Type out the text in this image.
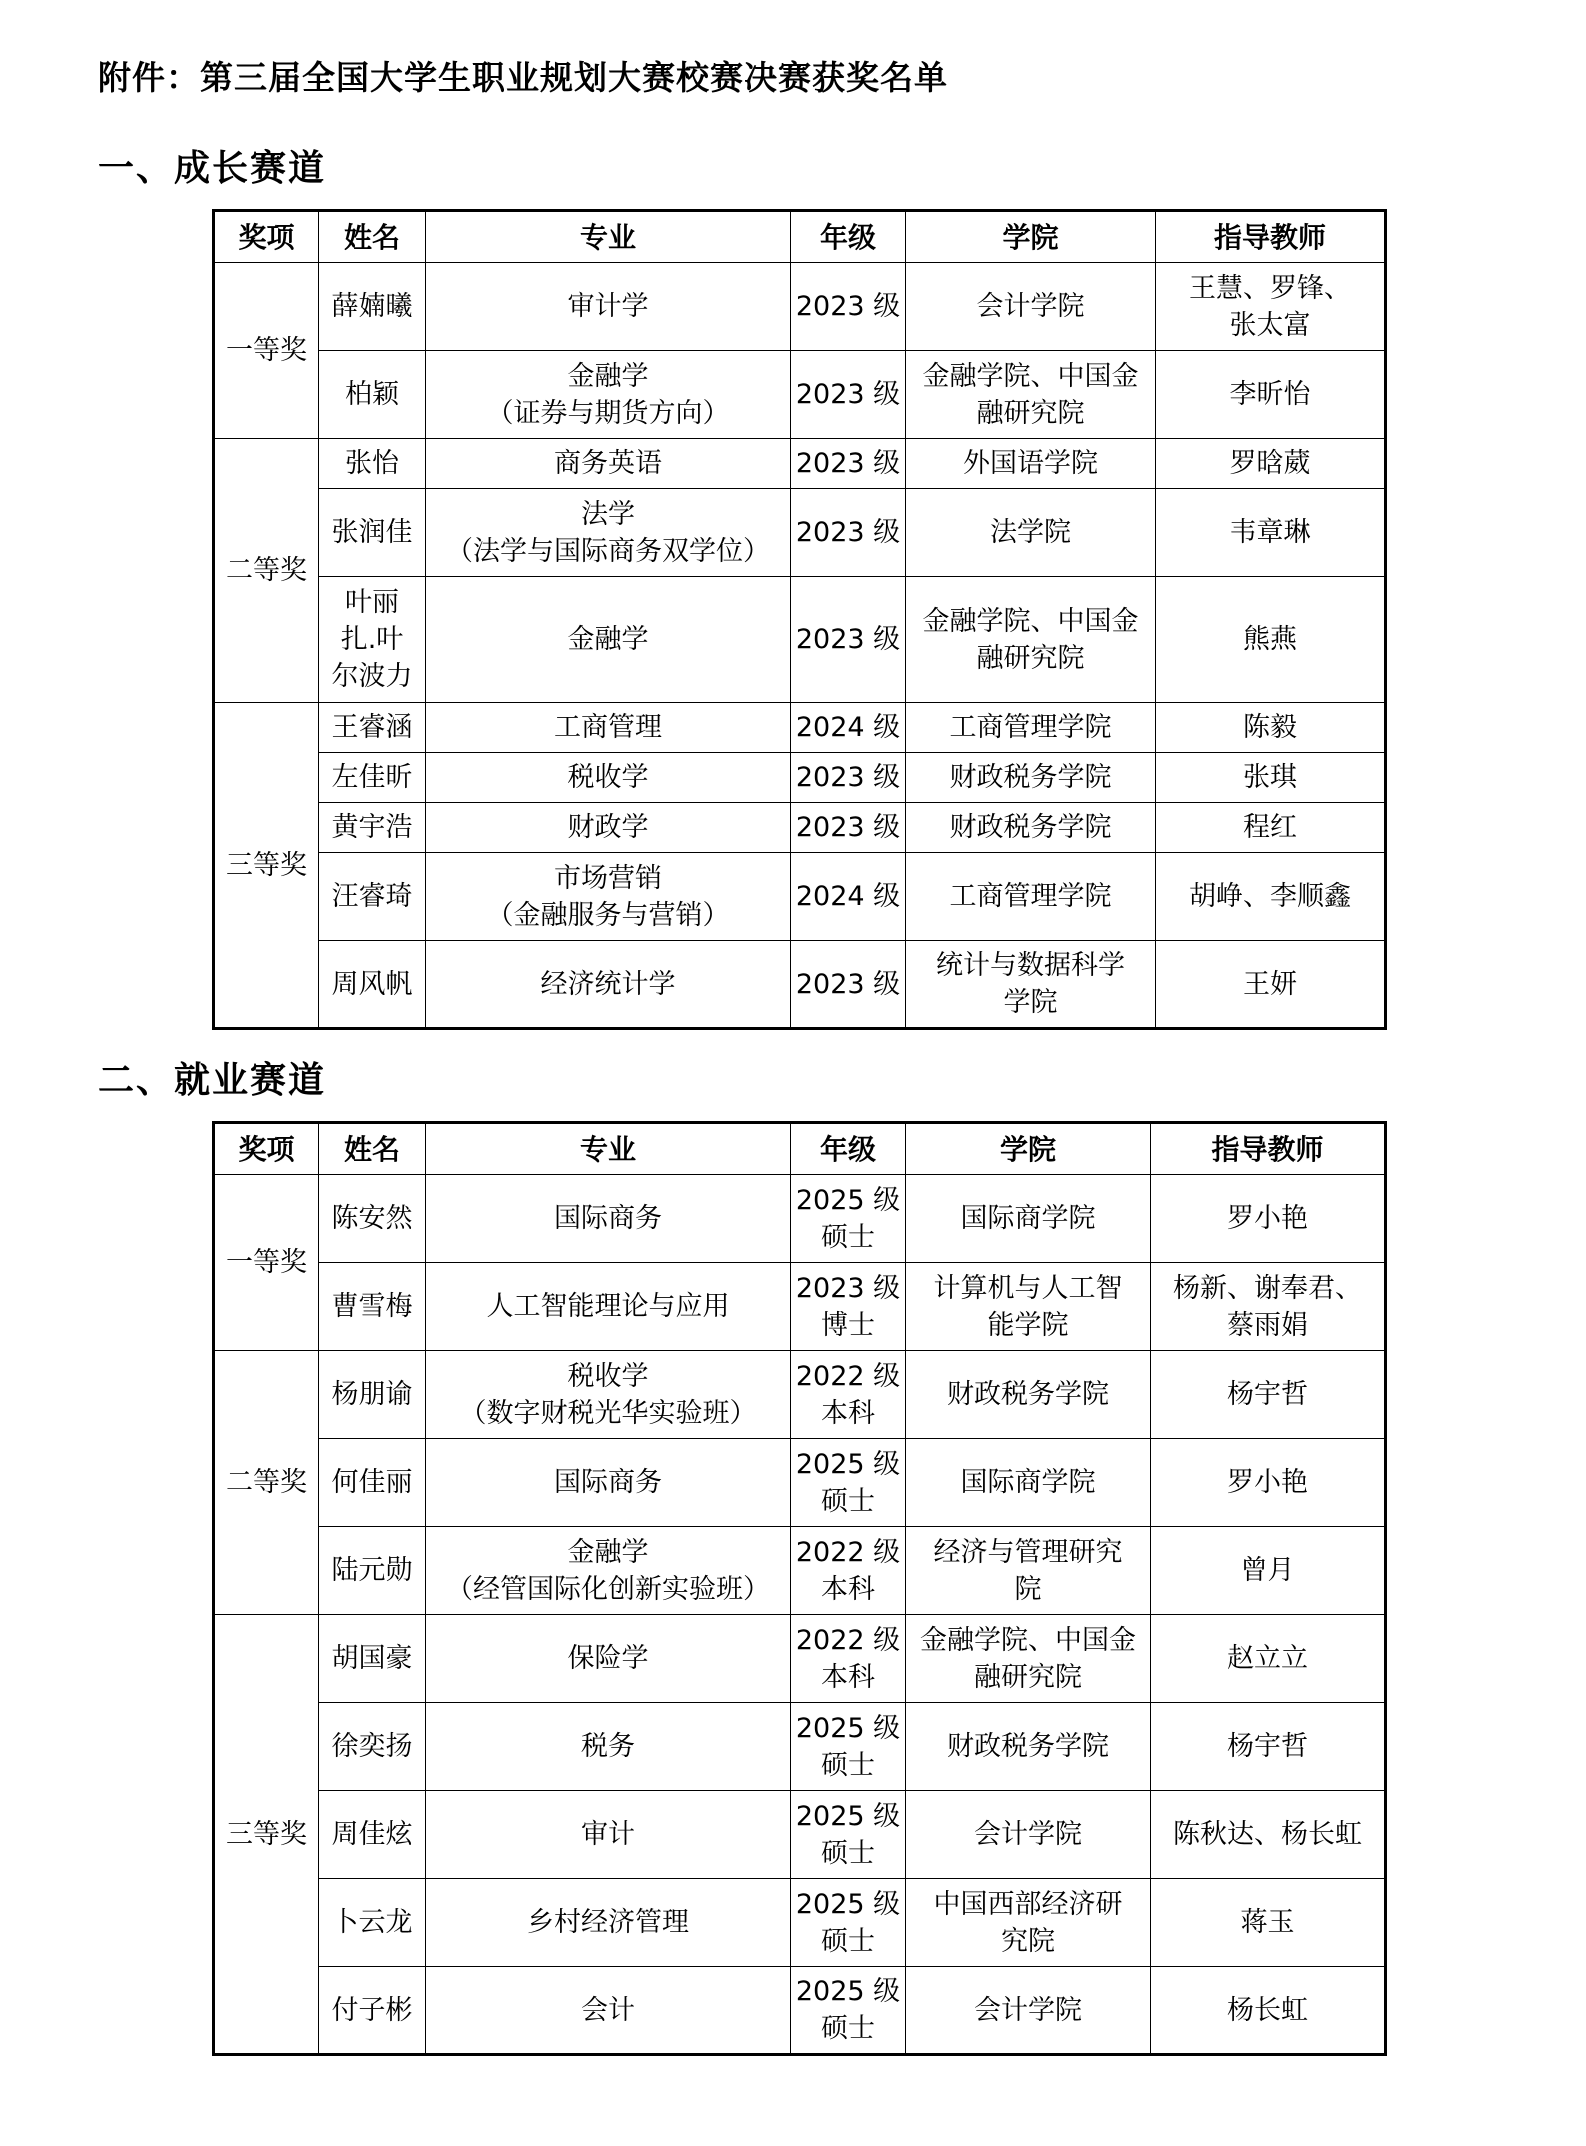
附件：第三届全国大学生职业规划大赛校赛决赛获奖名单
一、成长赛道
二、就业赛道
奖项	姓名	专业	年级	学院	指导教师
一等奖	薛婻曦	审计学	2023 级	会计学院	王慧、罗锋、
张太富

	柏颖	金融学
（证券与期货方向）	2023 级	金融学院、中国金
融研究院	李昕怡

二等奖	张怡	商务英语	2023 级	外国语学院	罗晗葳

	张润佳	法学
（法学与国际商务双学位）	2023 级	法学院	韦章琳

	叶丽
扎.叶
尔波力	金融学	2023 级	金融学院、中国金
融研究院	熊燕

三等奖	王睿涵	工商管理	2024 级	工商管理学院	陈毅

	左佳昕	税收学	2023 级	财政税务学院	张琪

	黄宇浩	财政学	2023 级	财政税务学院	程红

	汪睿琦	市场营销
（金融服务与营销）	2024 级	工商管理学院	胡峥、李顺鑫

	周风帆	经济统计学	2023 级	统计与数据科学
学院	王妍
奖项	姓名	专业	年级	学院	指导教师
一等奖	陈安然	国际商务	2025 级
硕士	国际商学院	罗小艳

	曹雪梅	人工智能理论与应用	2023 级
博士	计算机与人工智
能学院	杨新、谢奉君、
蔡雨娟

二等奖	杨朋谕	税收学
（数字财税光华实验班）	2022 级
本科	财政税务学院	杨宇哲

	何佳丽	国际商务	2025 级
硕士	国际商学院	罗小艳

	陆元勋	金融学
（经管国际化创新实验班）	2022 级
本科	经济与管理研究
院	曾月

三等奖	胡国豪	保险学	2022 级
本科	金融学院、中国金
融研究院	赵立立

	徐奕扬	税务	2025 级
硕士	财政税务学院	杨宇哲

	周佳炫	审计	2025 级
硕士	会计学院	陈秋达、杨长虹

	卜云龙	乡村经济管理	2025 级
硕士	中国西部经济研
究院	蒋玉

	付子彬	会计	2025 级
硕士	会计学院	杨长虹
